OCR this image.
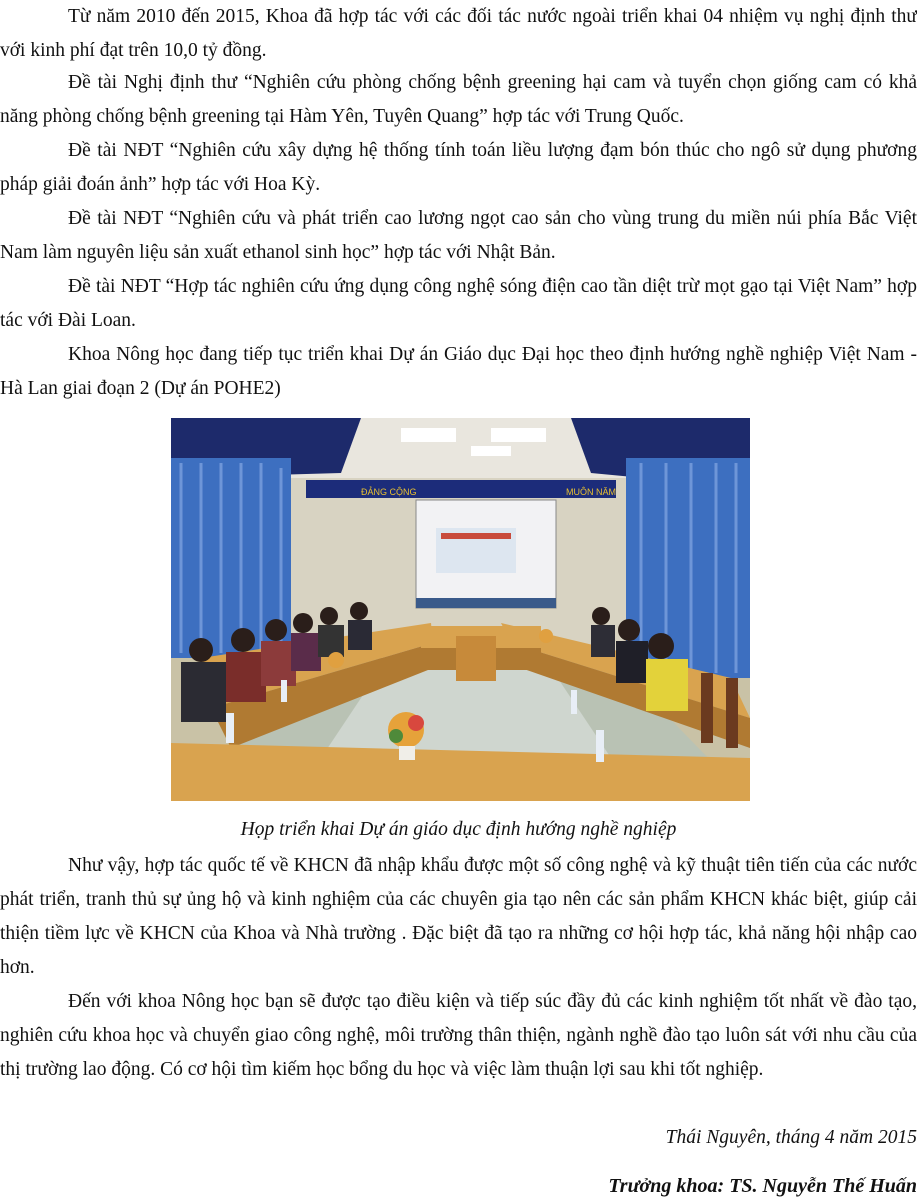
Từ năm 2010 đến 2015, Khoa đã hợp tác với các đối tác nước ngoài triển khai 04 nhiệm vụ nghị định thư với kinh phí đạt trên 10,0 tỷ đồng.

Đề tài Nghị định thư “Nghiên cứu phòng chống bệnh greening hại cam và tuyển chọn giống cam có khả năng phòng chống bệnh greening tại Hàm Yên, Tuyên Quang” hợp tác với Trung Quốc.

Đề tài NĐT “Nghiên cứu xây dựng hệ thống tính toán liều lượng đạm bón thúc cho ngô sử dụng phương pháp giải đoán ảnh” hợp tác với Hoa Kỳ.

Đề tài NĐT “Nghiên cứu và phát triển cao lương ngọt cao sản cho vùng trung du miền núi phía Bắc Việt Nam làm nguyên liệu sản xuất ethanol sinh học” hợp tác với Nhật Bản.

Đề tài NĐT “Hợp tác nghiên cứu ứng dụng công nghệ sóng điện cao tần diệt trừ mọt gạo tại Việt Nam” hợp tác với Đài Loan.

Khoa Nông học đang tiếp tục triển khai Dự án Giáo dục Đại học theo định hướng nghề nghiệp Việt Nam - Hà Lan giai đoạn 2 (Dự án POHE2)

ĐẢNG CỘNG	MUÔN NĂM

Họp triển khai Dự án giáo dục định hướng nghề nghiệp

Như vậy, hợp tác quốc tế về KHCN đã nhập khẩu được một số công nghệ và kỹ thuật tiên tiến của các nước phát triển, tranh thủ sự ủng hộ và kinh nghiệm của các chuyên gia tạo nên các sản phẩm KHCN khác biệt, giúp cải thiện tiềm lực về KHCN của Khoa và Nhà trường . Đặc biệt đã tạo ra những cơ hội hợp tác, khả năng hội nhập cao hơn.

Đến với khoa Nông học bạn sẽ được tạo điều kiện và tiếp súc đầy đủ các kinh nghiệm tốt nhất về đào tạo, nghiên cứu khoa học và chuyển giao công nghệ, môi trường thân thiện, ngành nghề đào tạo luôn sát với nhu cầu của thị trường lao động. Có cơ hội tìm kiếm học bổng du học và việc làm thuận lợi sau khi tốt nghiệp.

Thái Nguyên, tháng 4 năm 2015

Trưởng khoa: TS. Nguyễn Thế Huấn
